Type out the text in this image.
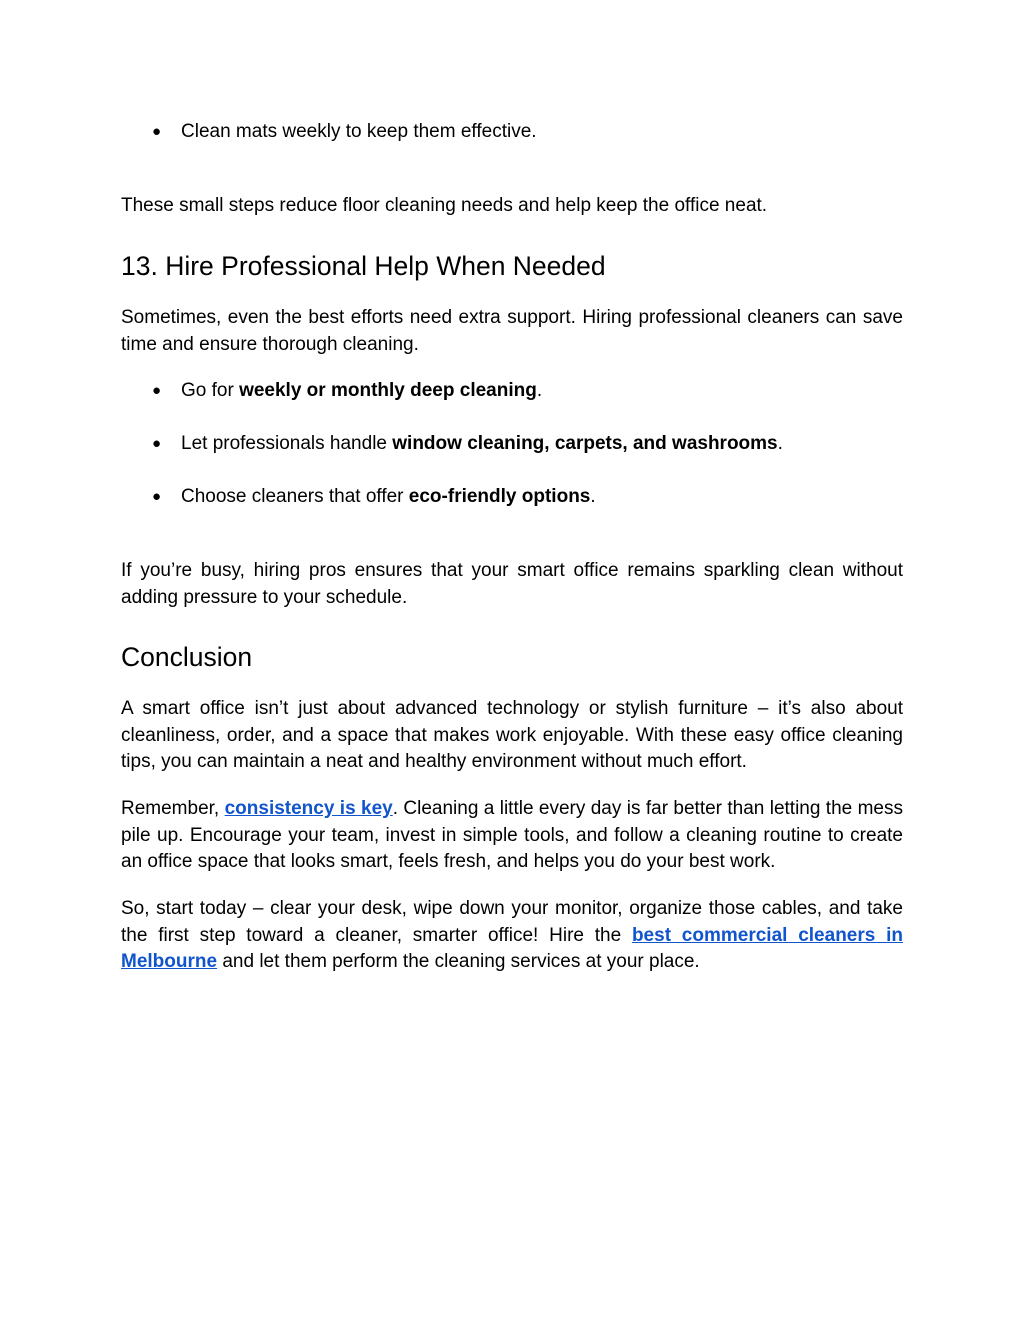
● Clean mats weekly to keep them effective.

These small steps reduce floor cleaning needs and help keep the office neat.

13. Hire Professional Help When Needed

Sometimes, even the best efforts need extra support. Hiring professional cleaners can save time and ensure thorough cleaning.

● Go for weekly or monthly deep cleaning.
● Let professionals handle window cleaning, carpets, and washrooms.
● Choose cleaners that offer eco-friendly options.

If you’re busy, hiring pros ensures that your smart office remains sparkling clean without adding pressure to your schedule.

Conclusion

A smart office isn’t just about advanced technology or stylish furniture – it’s also about cleanliness, order, and a space that makes work enjoyable. With these easy office cleaning tips, you can maintain a neat and healthy environment without much effort.

Remember, consistency is key. Cleaning a little every day is far better than letting the mess pile up. Encourage your team, invest in simple tools, and follow a cleaning routine to create an office space that looks smart, feels fresh, and helps you do your best work.

So, start today – clear your desk, wipe down your monitor, organize those cables, and take the first step toward a cleaner, smarter office! Hire the best commercial cleaners in Melbourne and let them perform the cleaning services at your place.
